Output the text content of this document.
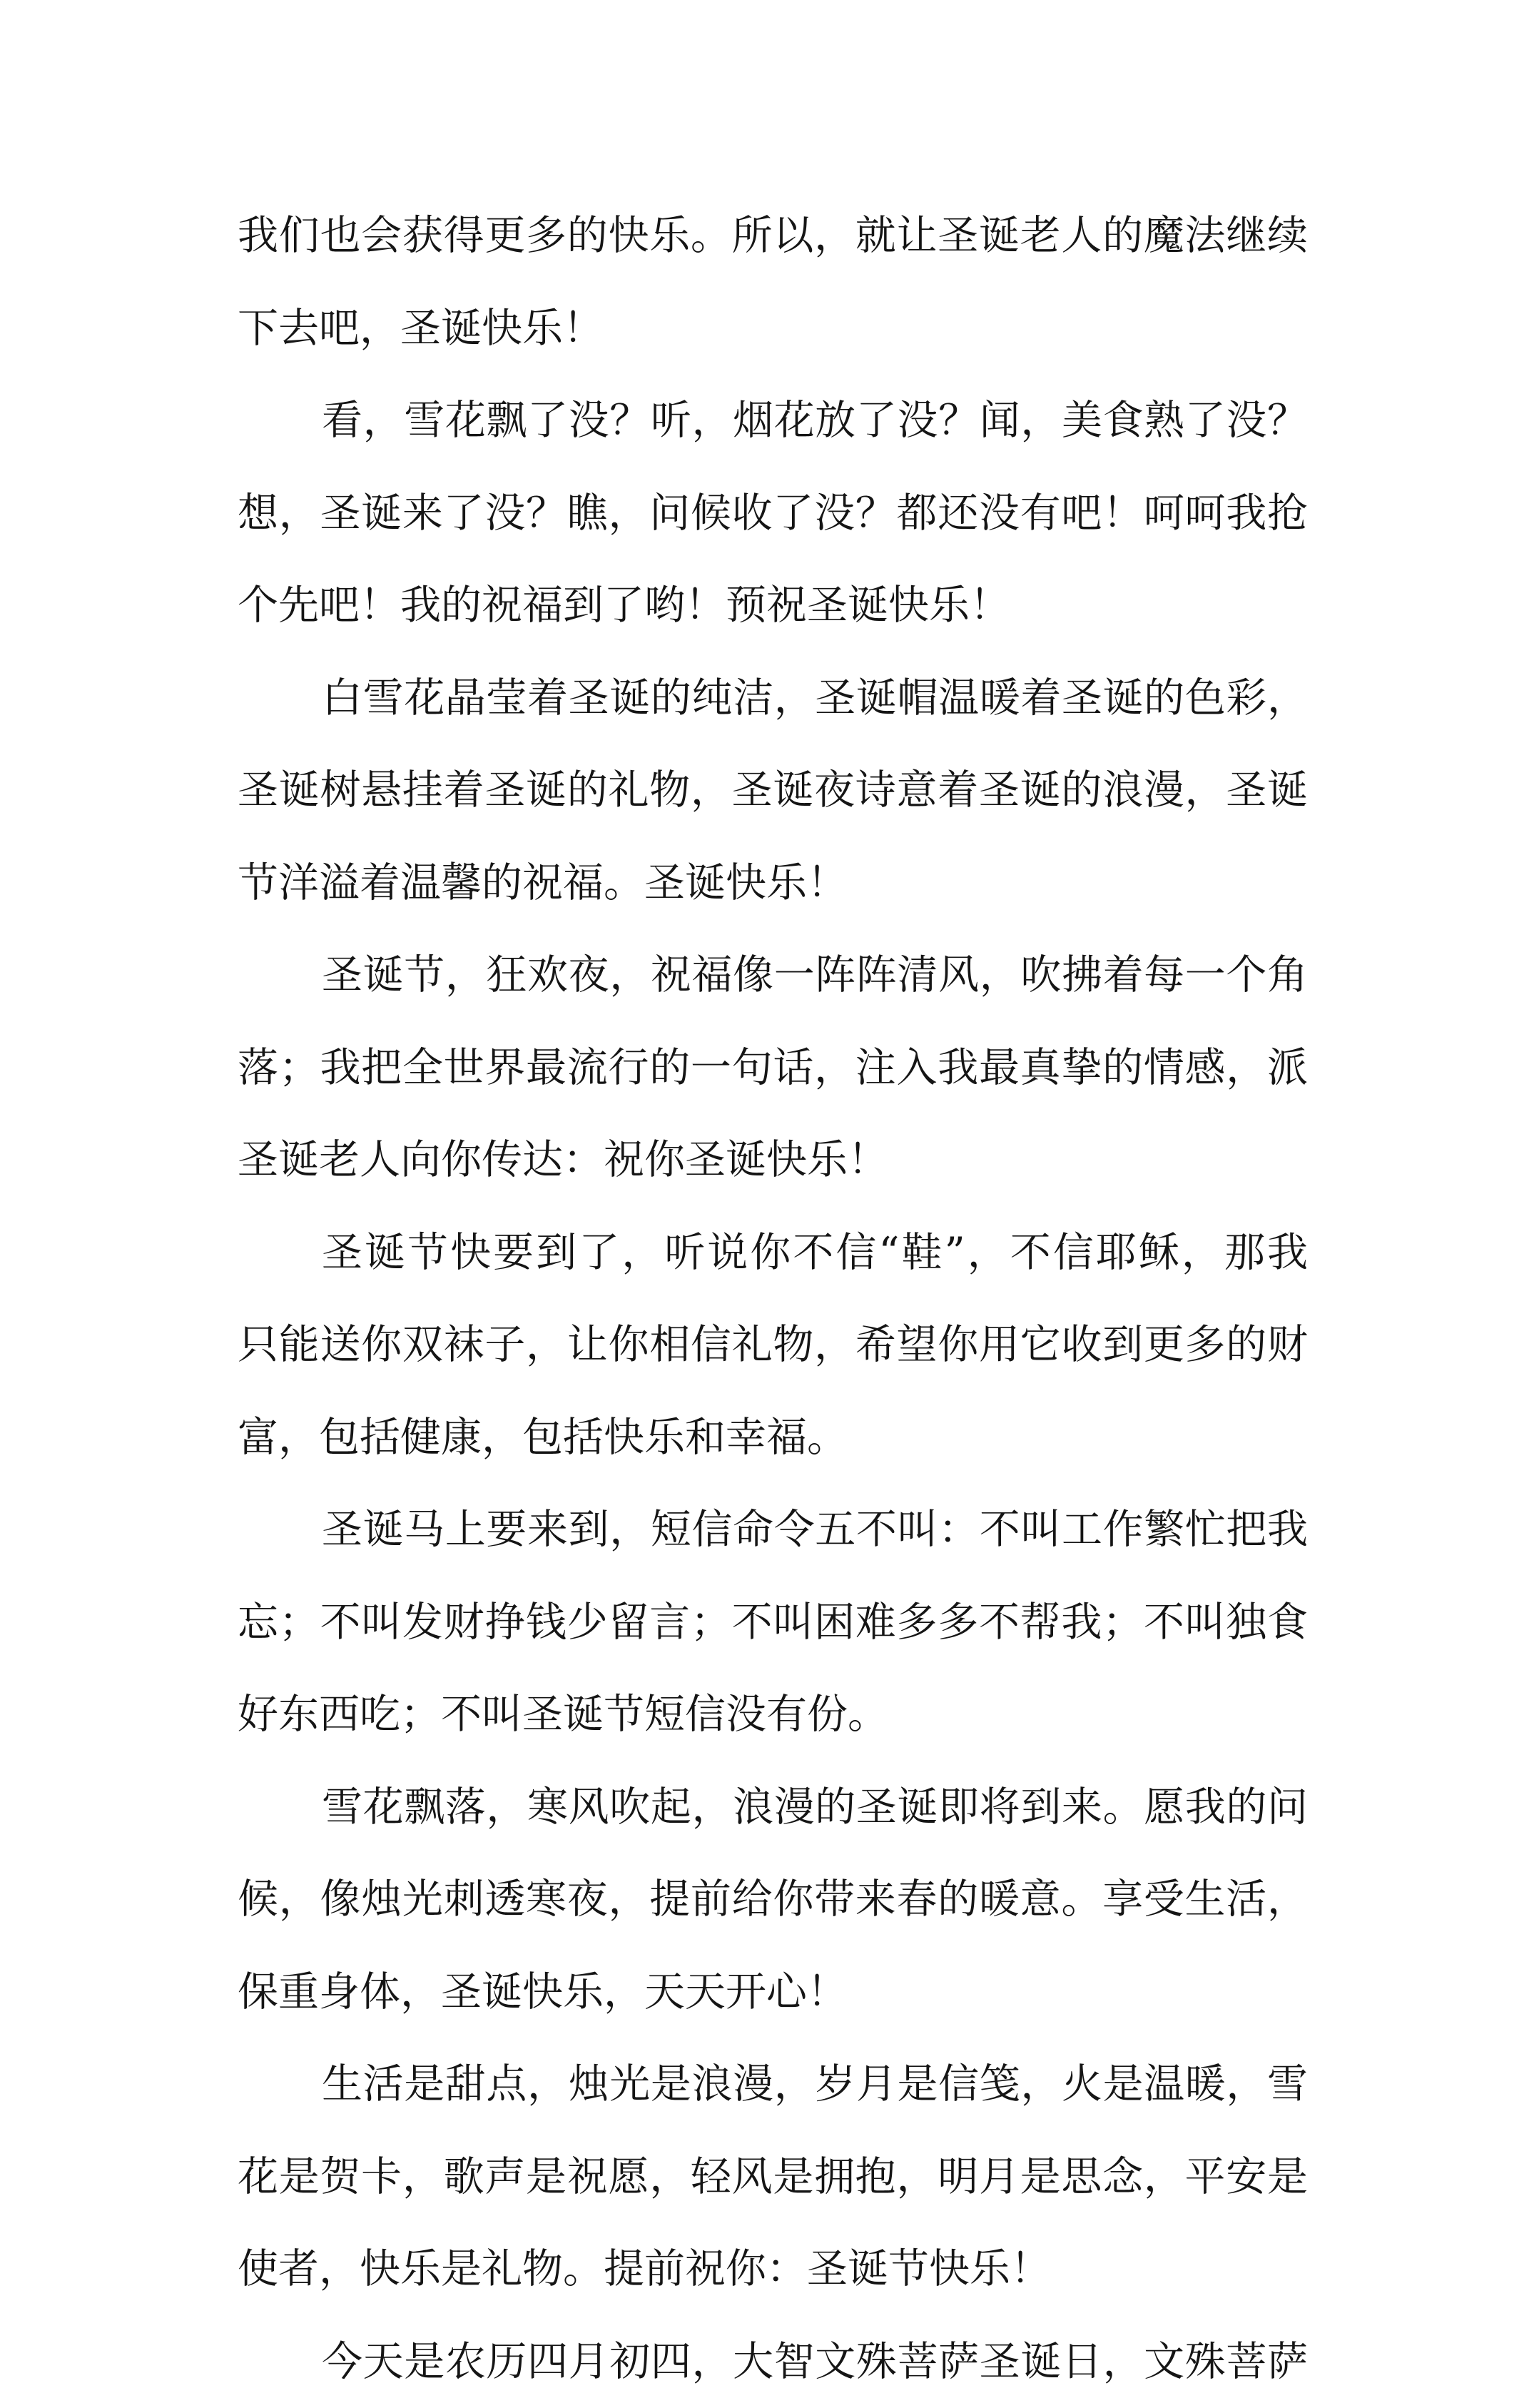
我们也会获得更多的快乐。所以，就让圣诞老人的魔法继续
下去吧，圣诞快乐！
看，雪花飘了没？听，烟花放了没？闻，美食熟了没？
想，圣诞来了没？瞧，问候收了没？都还没有吧！呵呵我抢
个先吧！我的祝福到了哟！预祝圣诞快乐！
白雪花晶莹着圣诞的纯洁，圣诞帽温暖着圣诞的色彩，
圣诞树悬挂着圣诞的礼物，圣诞夜诗意着圣诞的浪漫，圣诞
节洋溢着温馨的祝福。圣诞快乐！
圣诞节，狂欢夜，祝福像一阵阵清风，吹拂着每一个角
落；我把全世界最流行的一句话，注入我最真挚的情感，派
圣诞老人向你传达：祝你圣诞快乐！
圣诞节快要到了，听说你不信“鞋”，不信耶稣，那我
只能送你双袜子，让你相信礼物，希望你用它收到更多的财
富，包括健康，包括快乐和幸福。
圣诞马上要来到，短信命令五不叫：不叫工作繁忙把我
忘；不叫发财挣钱少留言；不叫困难多多不帮我；不叫独食
好东西吃；不叫圣诞节短信没有份。
雪花飘落，寒风吹起，浪漫的圣诞即将到来。愿我的问
候，像烛光刺透寒夜，提前给你带来春的暖意。享受生活，
保重身体，圣诞快乐，天天开心！
生活是甜点，烛光是浪漫，岁月是信笺，火是温暖，雪
花是贺卡，歌声是祝愿，轻风是拥抱，明月是思念，平安是
使者，快乐是礼物。提前祝你：圣诞节快乐！
今天是农历四月初四，大智文殊菩萨圣诞日，文殊菩萨
